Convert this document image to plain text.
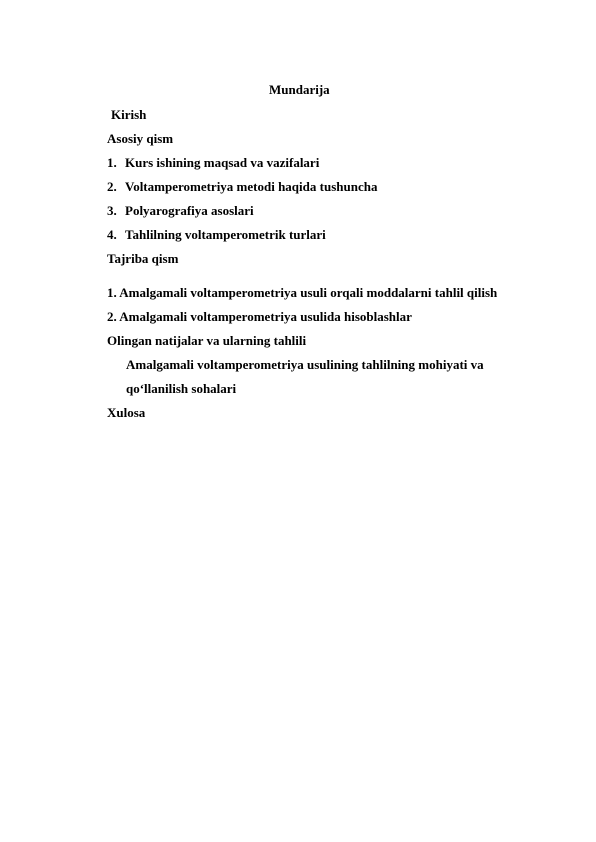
Mundarija
Kirish
Asosiy qism
1. Kurs ishining maqsad va vazifalari
2. Voltamperometriya metodi haqida tushuncha
3. Polyarografiya asoslari
4. Tahlilning voltamperometrik turlari
Tajriba qism
1. Amalgamali voltamperometriya usuli orqali moddalarni tahlil qilish
2. Amalgamali voltamperometriya usulida hisoblashlar
Olingan natijalar va ularning tahlili
Amalgamali voltamperometriya usulining tahlilning mohiyati va
qo‘llanilish sohalari
Xulosa
